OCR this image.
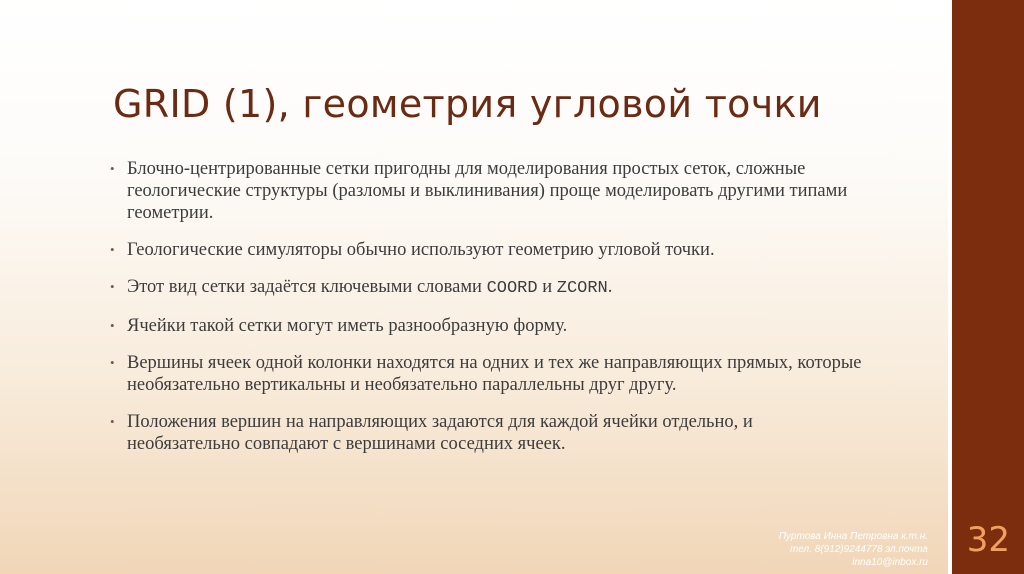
GRID (1), геометрия угловой точки
• Блочно-центрированные сетки пригодны для моделирования простых сеток, сложные геологические структуры (разломы и выклинивания) проще моделировать другими типами геометрии.
• Геологические симуляторы обычно используют геометрию угловой точки.
• Этот вид сетки задаётся ключевыми словами COORD и ZCORN.
• Ячейки такой сетки могут иметь разнообразную форму.
• Вершины ячеек одной колонки находятся на одних и тех же направляющих прямых, которые необязательно вертикальны и необязательно параллельны друг другу.
• Положения вершин на направляющих задаются для каждой ячейки отдельно, и необязательно совпадают с вершинами соседних ячеек.
Пуртова Инна Петровна к.т.н.
тел. 8(912)9244778 эл.почта
inna10@inbox.ru
32
